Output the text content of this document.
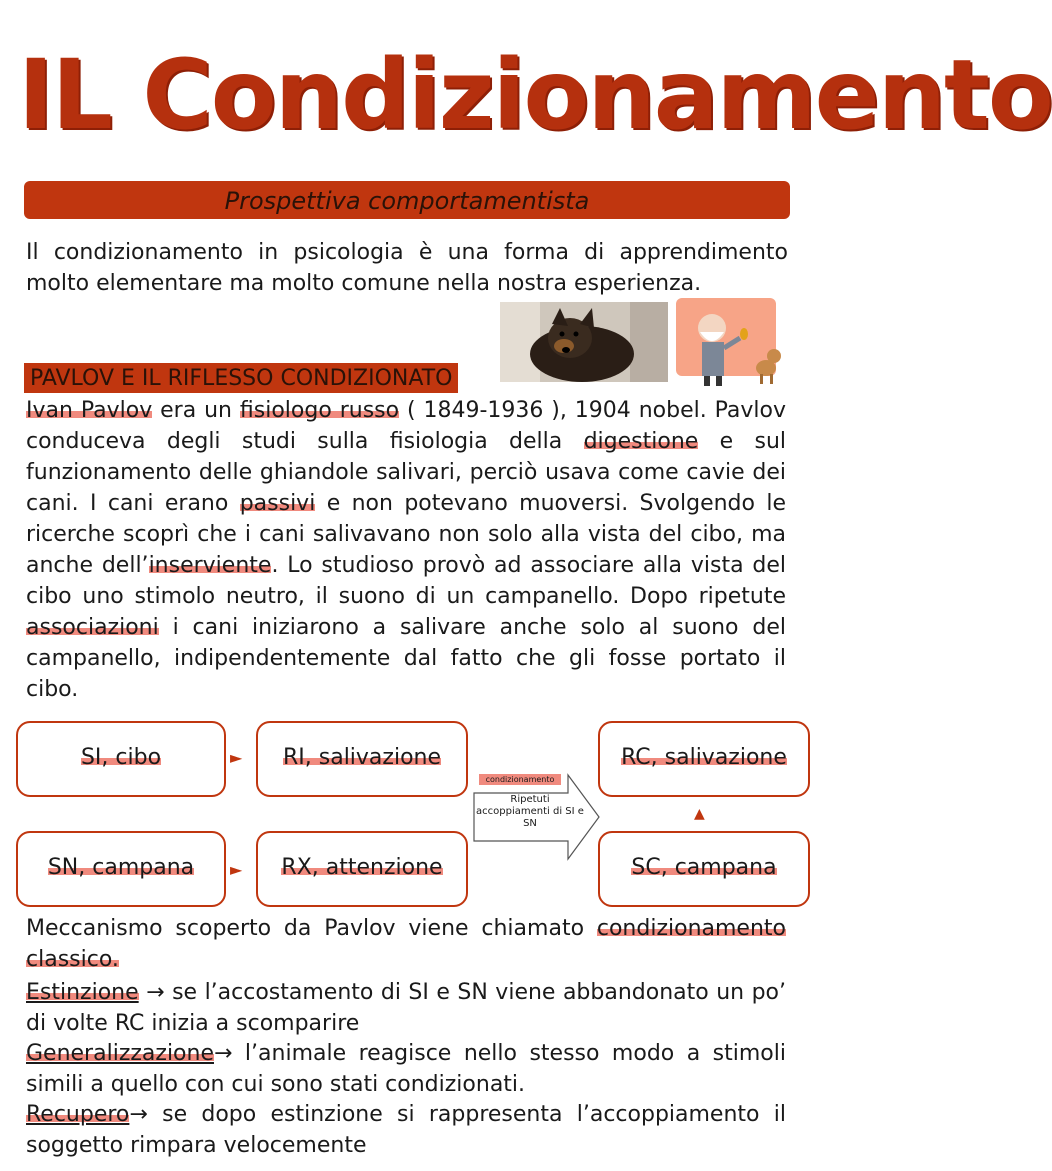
IL Condizionamento
Prospettiva comportamentista

Il condizionamento in psicologia è una forma di apprendimento molto elementare ma molto comune nella nostra esperienza.

PAVLOV E IL RIFLESSO CONDIZIONATO

Ivan Pavlov era un fisiologo russo ( 1849-1936 ), 1904 nobel. Pavlov conduceva degli studi sulla fisiologia della digestione e sul funzionamento delle ghiandole salivari, perciò usava come cavie dei cani. I cani erano passivi e non potevano muoversi. Svolgendo le ricerche scoprì che i cani salivavano non solo alla vista del cibo, ma anche dell’inserviente. Lo studioso provò ad associare alla vista del cibo uno stimolo neutro, il suono di un campanello. Dopo ripetute associazioni i cani iniziarono a salivare anche solo al suono del campanello, indipendentemente dal fatto che gli fosse portato il cibo.

SI, cibo	RI, salivazione
SN, campana	RX, attenzione
RC, salivazione
SC, campana
►
►
condizionamento
Ripetuti accoppiamenti di SI e SN
▲

Meccanismo scoperto da Pavlov viene chiamato condizionamento classico.

Estinzione → se l’accostamento di SI e SN viene abbandonato un po’ di volte RC inizia a scomparire

Generalizzazione→ l’animale reagisce nello stesso modo a stimoli simili a quello con cui sono stati condizionati.

Recupero→ se dopo estinzione si rappresenta l’accoppiamento il soggetto rimpara velocemente
